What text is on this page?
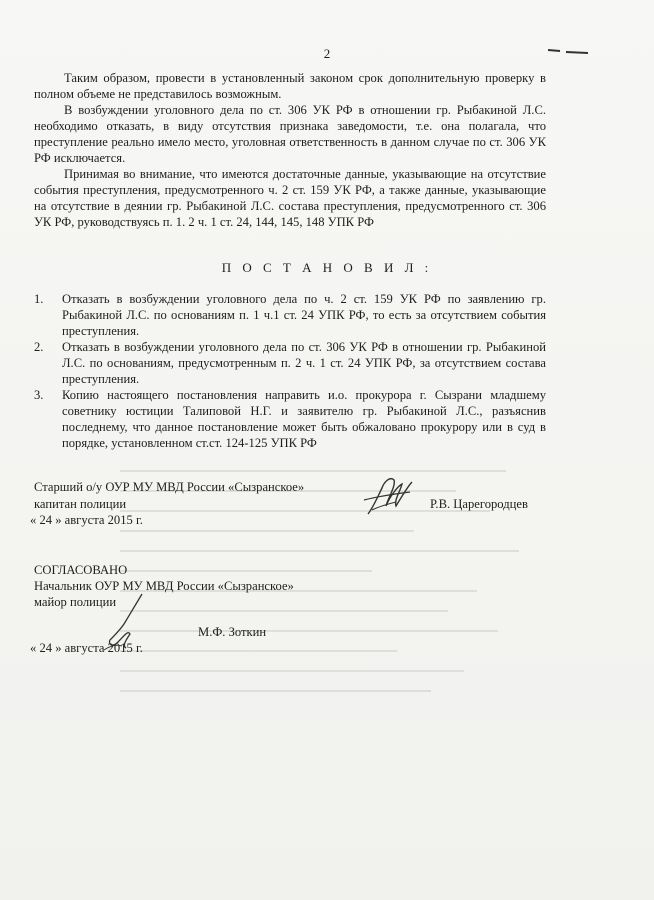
2

Таким образом, провести в установленный законом срок дополнительную проверку в полном объеме не представилось возможным.

В возбуждении уголовного дела по ст. 306 УК РФ в отношении гр. Рыбакиной Л.С. необходимо отказать, в виду отсутствия признака заведомости, т.е. она полагала, что преступление реально имело место, уголовная ответственность в данном случае по ст. 306 УК РФ исключается.

Принимая во внимание, что имеются достаточные данные, указывающие на отсутствие события преступления, предусмотренного ч. 2 ст. 159 УК РФ, а также данные, указывающие на отсутствие в деянии гр. Рыбакиной Л.С. состава преступления, предусмотренного ст. 306 УК РФ, руководствуясь п. 1. 2 ч. 1 ст. 24, 144, 145, 148 УПК РФ

П О С Т А Н О В И Л :
1.	Отказать в возбуждении уголовного дела по ч. 2 ст. 159 УК РФ по заявлению гр. Рыбакиной Л.С. по основаниям п. 1 ч.1 ст. 24 УПК РФ, то есть за отсутствием события преступления.
2.	Отказать в возбуждении уголовного дела по ст. 306 УК РФ в отношении гр. Рыбакиной Л.С. по основаниям, предусмотренным п. 2 ч. 1 ст. 24 УПК РФ, за отсутствием состава преступления.
3.	Копию настоящего постановления направить и.о. прокурора г. Сызрани младшему советнику юстиции Талиповой Н.Г. и заявителю гр. Рыбакиной Л.С., разъяснив последнему, что данное постановление может быть обжаловано прокурору или в суд в порядке, установленном ст.ст. 124-125 УПК РФ
Старший о/у ОУР МУ МВД России «Сызранское»
капитан полиции	Р.В. Царегородцев
« 24 » августа 2015 г.
СОГЛАСОВАНО
Начальник ОУР МУ МВД России «Сызранское»
майор полиции
М.Ф. Зоткин
« 24 » августа 2015 г.
